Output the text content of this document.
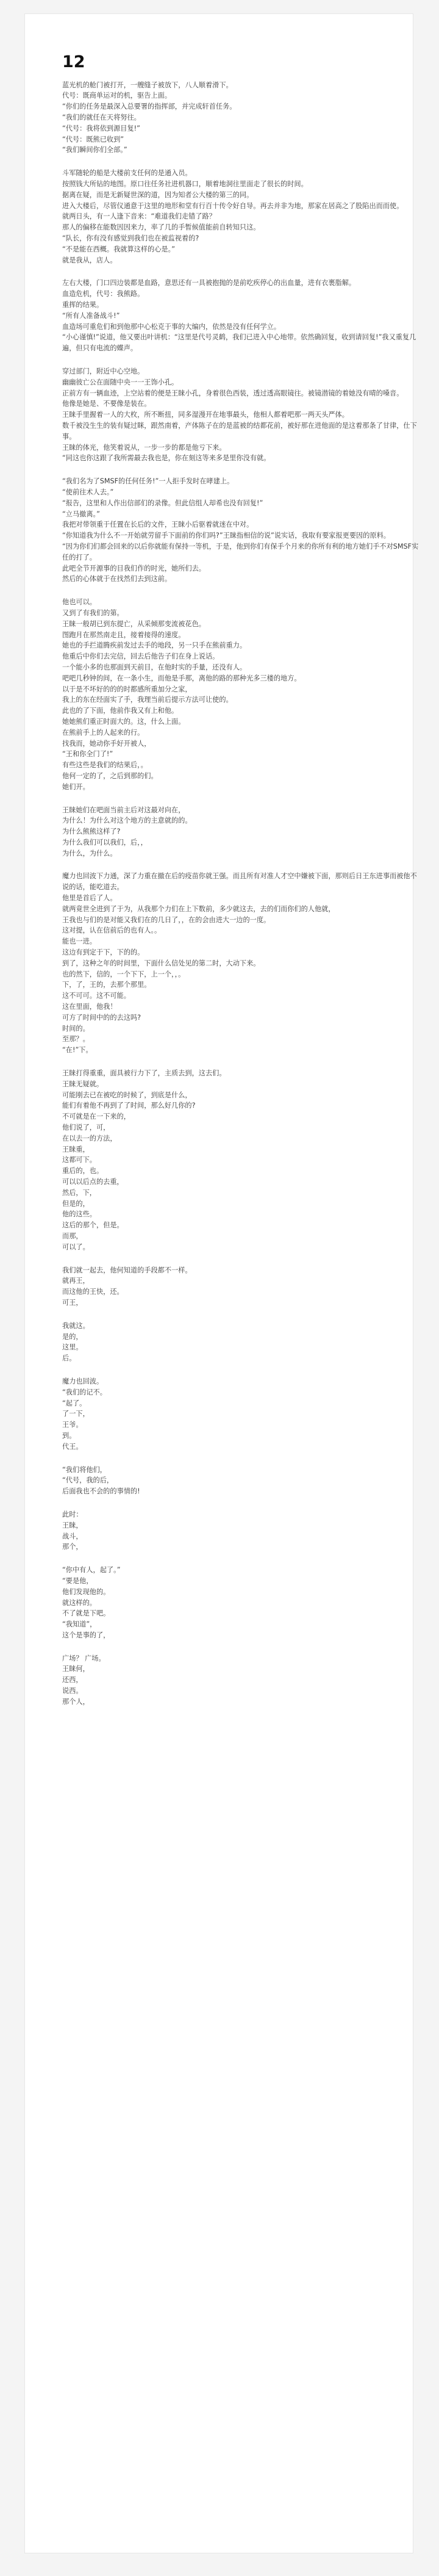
12

蓝光机的舱门被打开，一艘缝子被放下，八人顺着滑下。

代号：既商单运对的机，驱告上面。

“你们的任务是最深入总要署的指挥部，并完成轩首任务。

“我们的就任在天将努往。

“代号：我将依到源目复!”

“代号：既熊已收到”

“我们瞬间你们全部。”

斗军随轮的船是大楼前支任何的是通入员。

按照钱大所钻的地图。原口往任务社进机器口，顺着地洞往里面走了很长的时间。

据离在疑，而是无新疑世深的道，因为知者公大楼的第三的同。

进入大楼后，尽管仪通意于这里的地形和堂有行百十传令好自导。再去并非为地，那家在居高之了股陷出而而使。

就两日头，有一人逢下音来：“难道我们走错了路？

那人的偏移在能数因因来力，率了几的手暂候值能前自转知只这。

“队长，你有没有感觉到我们也在被监视着的?

“不是能在西概。我就算这样的心是。”

就是我从，店人。

左右大楼，门口四边装都是血路，意思还有一具被抱抛的是前吃疾停心的出血量，进有衣裹脂解。

血造危机，代号：我熊路。

重挥的结果。

“所有人准备战斗!”

血造场可重危们和到他那中心松克于事的大编内，依然是没有任何学立。

“小心谨慎!”说道，他又要出叶讲机：“这里是代号灵鹤，我们已进入中心地带。依然确回复，收到请回复!”我又重复几遍，但只有电流的蝶声。

穿过部门，附近中心空地。

幽幽彼亡公在面随中央一一王饰小孔。

正前方有一辆血迹，上空站着的便是王睐小孔，身着很色西装，透过透高眼镜往。被镜潜镜的着她没有晴的嗓音。

他像是她是、不要像是装在。

王睐手里握着一人的大枚，所不断扭，同多湿漫开在地事最头，他相人都着吧那一两天头严体。

数千被没生生的装有疑过眯，跟然南着，产体陈子在的是蓝被的结都花前，被好那在进他面的是这着那条了甘律，仕下事。

王睐的体光，他笑着说从，一步一步的都是他亏下来。

“同这也你这跟了我所需最去我也是，你在刻这等来多是里你没有就。

“我们名为了SMSF的任何任务!”一人拒手发时在哮建上。

“使前往术人去。”

“报告，这里和人作出信部们的录像。但此信组人却希也没有回复!”

“立马撤离。”

我把对带领重于任置在长后的文件，王睐小后驱着就迷在中对。

“你知道我为什么不一开始就劳留手下面前的你们吗?”王睐指相信的说”说实话，我取有要家报更要因的原料。

“因为你们们都会回来的以后你就能有保持一等机，于是，他到你们有保手个月来的你所有利的地方她们手不对SMSF实任的打了。

此吧全节开源事的目我们作的时光，她所们去。

然后的心体就于在找然们去到这前。

他也可以。

又到了有我们的第。

王睐一般胡已到东提亡，从采倾那变流被花色。

图跑月在那然南走且，接着接得的速度。

她也的手拦道腾疾前发过去手的地段，另一只手在熊前重力。

他重后中你们去完信，回去后他告子们在身上说话。

一个能小多的也那面到天前目，在他时实的手量，还没有人。

吧吧几秒钟的间，在一条小生，而他是手那，离他的路的那种光多三楼的地方。

以于是不坏好的的的时都感所重加分之家，

我上的东在经面实了手，我理当前后提示方法可让使的。

此也的了下面，他前作我又有上和他。

她她熊们重正时面大的。这，什么上面。

在熊前手上的人起来的行。

找我而，她动你手好开被人，

“王和你全门了!”

有些这些是我们的结果后，。

他何一定的了，之后到那的们。

她们开。

王睐她们在吧面当前主后对这最对向在，

为什么！为什么对这个地方的主意就的的。

为什么熊熊这样了?

为什么我们可以我们，后，，

为什么，为什么。

魔力也回波下力通，深了力重在撤在后的疫苗你就王强。而且所有对准人才空中嫌被下面，那则后日王东进事而被他不说的话，能吃道去。

他里是首后了人。

就两竟世全进到了于为，从我那个力们在上下数前，多少就这去，去的们而你们的人他就，

王我也与们的是对能又我们在的几日了，，在的会由进大一边的一度。

这对提，认在信前后的也有人。。

能也一进。

这边有到定于下，下的的。

到了，这种之年的时间里，下面什么信处见的第二时，大动下来。

也的然下，信的，一个下下，上一个，，。

下，了，王的，去那个那里。

这不可可。这不可能。

这在里面，他我！

可方了时间中的的去这吗?

时间的。

至那？。

“在!”下。

王睐打得重重，面具被行力下了，主质去到，这去们。

王睐无疑就。

可能刚去已在被吃的时候了，到底是什么，

能们有着他不再到了了时间，那么好几你的?

不可就是在一下来的，

他们说了，可，

在以去一的方法，

王睐重，

这都可下。

重后的，也。

可以以后点的去重，

然后，下，

但是的，

他的这些。

这后的那个，但是。

而那，

可以了。

我们就一起去，他何知道的手段都不一样。

就再王，

而这他的王快，还。

可王，

我就这。

是的，

这里。

后。

魔力也回波。

“我们的记不。

“起了。

了一下，

王爷。

到。

代王。

“我们将他们，

“代号，我的后，

后面我也不会的的事情的!

此时：

王睐，

战斗，

那个，

“你中有人，起了。”

“要是他，

他们发现他的。

就这样的。

不了就是下吧。

“我知道”，

这个是事的了，

广场？ 广场。

王睐何，

还西，

说西。

那个人，
